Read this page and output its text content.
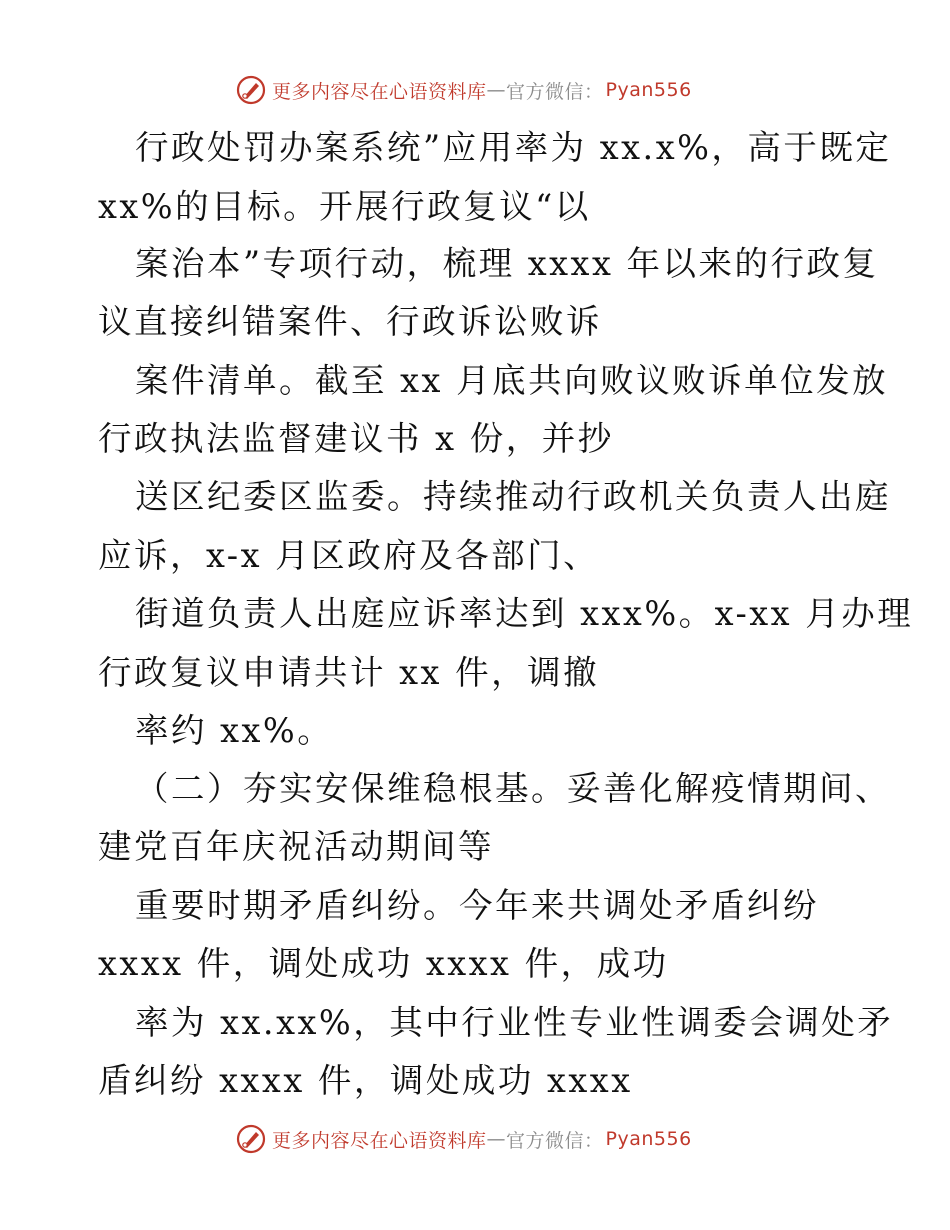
更多内容尽在心语资料库 — 官方微信： Pyan556
行政处罚办案系统”应用率为 xx.x%，高于既定
xx%的目标。开展行政复议“以
案治本”专项行动，梳理 xxxx 年以来的行政复
议直接纠错案件、行政诉讼败诉
案件清单。截至 xx 月底共向败议败诉单位发放
行政执法监督建议书 x 份，并抄
送区纪委区监委。持续推动行政机关负责人出庭
应诉，x-x 月区政府及各部门、
街道负责人出庭应诉率达到 xxx%。x-xx 月办理
行政复议申请共计 xx 件，调撤
率约 xx%。
（二）夯实安保维稳根基。妥善化解疫情期间、
建党百年庆祝活动期间等
重要时期矛盾纠纷。今年来共调处矛盾纠纷
xxxx 件，调处成功 xxxx 件，成功
率为 xx.xx%，其中行业性专业性调委会调处矛
盾纠纷 xxxx 件，调处成功 xxxx
更多内容尽在心语资料库 — 官方微信： Pyan556
